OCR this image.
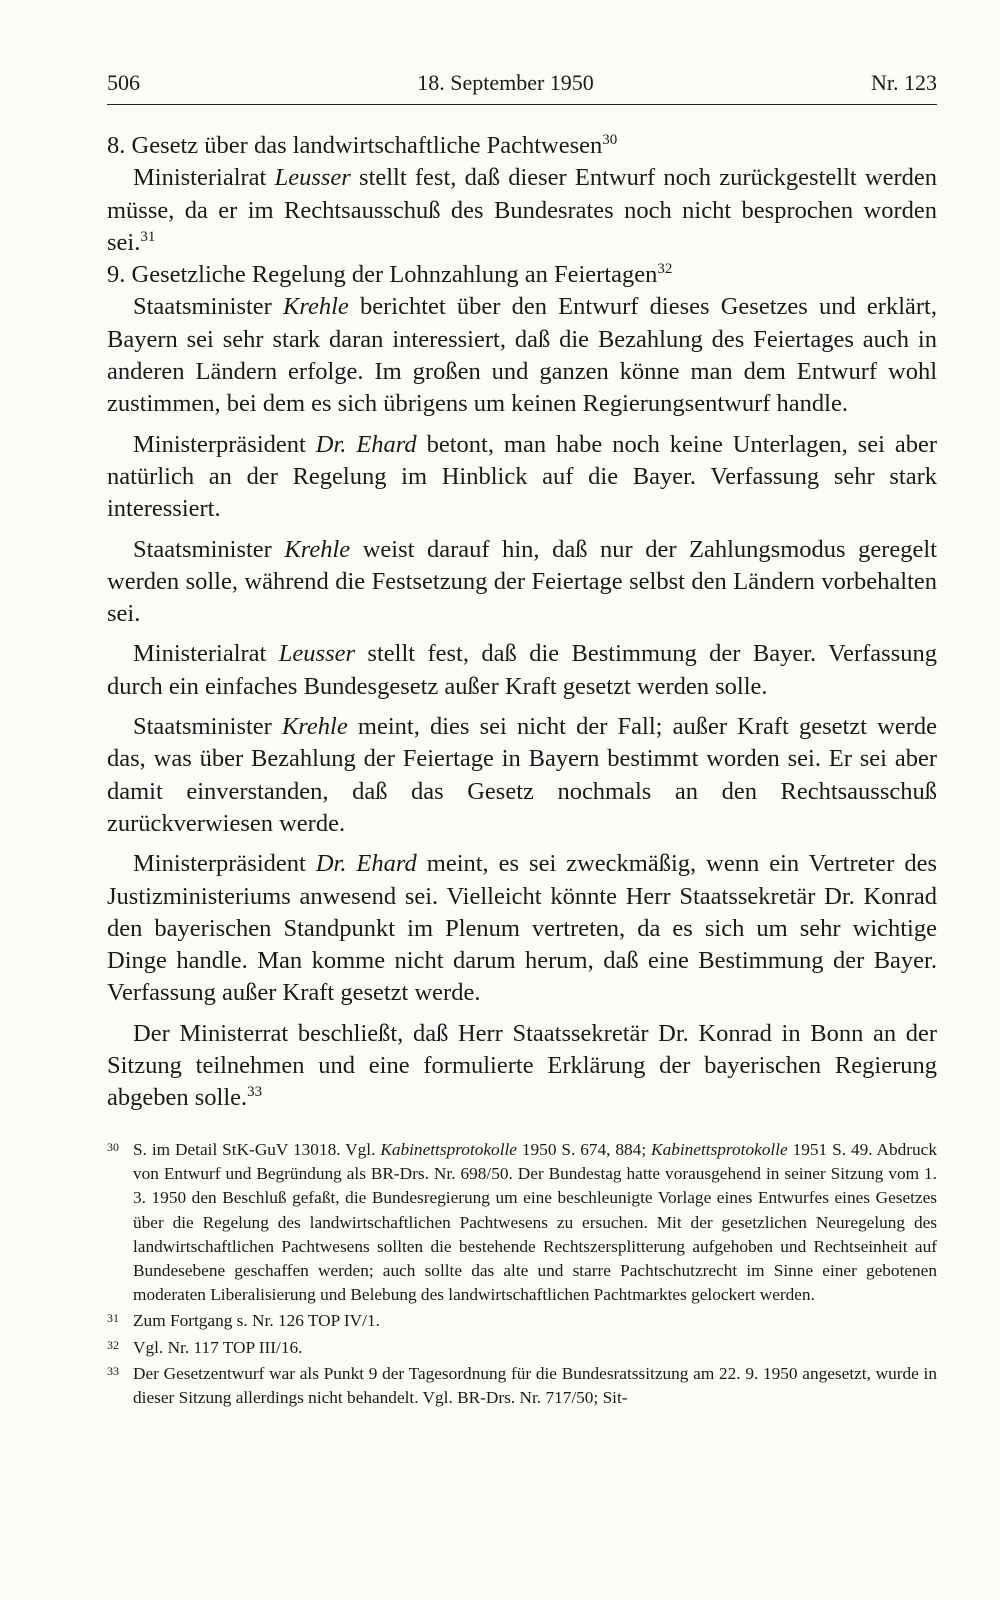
506	18. September 1950	Nr. 123

8. Gesetz über das landwirtschaftliche Pachtwesen$^{30}$

Ministerialrat Leusser stellt fest, daß dieser Entwurf noch zurückgestellt werden müsse, da er im Rechtsausschuß des Bundesrates noch nicht besprochen worden sei.$^{31}$

9. Gesetzliche Regelung der Lohnzahlung an Feiertagen$^{32}$

Staatsminister Krehle berichtet über den Entwurf dieses Gesetzes und erklärt, Bayern sei sehr stark daran interessiert, daß die Bezahlung des Feiertages auch in anderen Ländern erfolge. Im großen und ganzen könne man dem Entwurf wohl zustimmen, bei dem es sich übrigens um keinen Regierungsentwurf handle.

Ministerpräsident Dr. Ehard betont, man habe noch keine Unterlagen, sei aber natürlich an der Regelung im Hinblick auf die Bayer. Verfassung sehr stark interessiert.

Staatsminister Krehle weist darauf hin, daß nur der Zahlungsmodus geregelt werden solle, während die Festsetzung der Feiertage selbst den Ländern vorbehalten sei.

Ministerialrat Leusser stellt fest, daß die Bestimmung der Bayer. Verfassung durch ein einfaches Bundesgesetz außer Kraft gesetzt werden solle.

Staatsminister Krehle meint, dies sei nicht der Fall; außer Kraft gesetzt werde das, was über Bezahlung der Feiertage in Bayern bestimmt worden sei. Er sei aber damit einverstanden, daß das Gesetz nochmals an den Rechtsausschuß zurückverwiesen werde.

Ministerpräsident Dr. Ehard meint, es sei zweckmäßig, wenn ein Vertreter des Justizministeriums anwesend sei. Vielleicht könnte Herr Staatssekretär Dr. Konrad den bayerischen Standpunkt im Plenum vertreten, da es sich um sehr wichtige Dinge handle. Man komme nicht darum herum, daß eine Bestimmung der Bayer. Verfassung außer Kraft gesetzt werde.

Der Ministerrat beschließt, daß Herr Staatssekretär Dr. Konrad in Bonn an der Sitzung teilnehmen und eine formulierte Erklärung der bayerischen Regierung abgeben solle.$^{33}$

30 S. im Detail StK-GuV 13018. Vgl. Kabinettsprotokolle 1950 S. 674, 884; Kabinettsprotokolle 1951 S. 49. Abdruck von Entwurf und Begründung als BR-Drs. Nr. 698/50. Der Bundestag hatte vorausgehend in seiner Sitzung vom 1. 3. 1950 den Beschluß gefaßt, die Bundesregierung um eine beschleunigte Vorlage eines Entwurfes eines Gesetzes über die Regelung des landwirtschaftlichen Pachtwesens zu ersuchen. Mit der gesetzlichen Neuregelung des landwirtschaftlichen Pachtwesens sollten die bestehende Rechtszersplitterung aufgehoben und Rechtseinheit auf Bundesebene geschaffen werden; auch sollte das alte und starre Pachtschutzrecht im Sinne einer gebotenen moderaten Liberalisierung und Belebung des landwirtschaftlichen Pachtmarktes gelockert werden.
31 Zum Fortgang s. Nr. 126 TOP IV/1.
32 Vgl. Nr. 117 TOP III/16.
33 Der Gesetzentwurf war als Punkt 9 der Tagesordnung für die Bundesratssitzung am 22. 9. 1950 angesetzt, wurde in dieser Sitzung allerdings nicht behandelt. Vgl. BR-Drs. Nr. 717/50; Sit-
